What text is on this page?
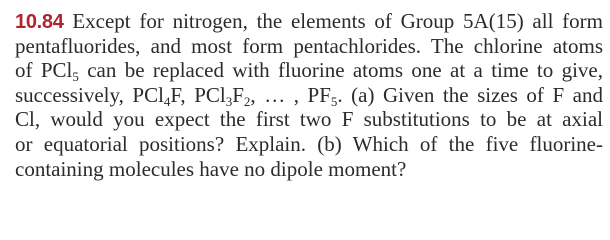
10.84 Except for nitrogen, the elements of Group 5A(15) all form
pentafluorides, and most form pentachlorides. The chlorine atoms
of PCl$_5$ can be replaced with fluorine atoms one at a time to give,
successively, PCl$_4$F, $PCl_3F_2$, … , $PF_5$. (a) Given the sizes of F and
Cl, would you expect the first two F substitutions to be at axial
or equatorial positions? Explain. (b) Which of the five fluorine-
containing molecules have no dipole moment?
